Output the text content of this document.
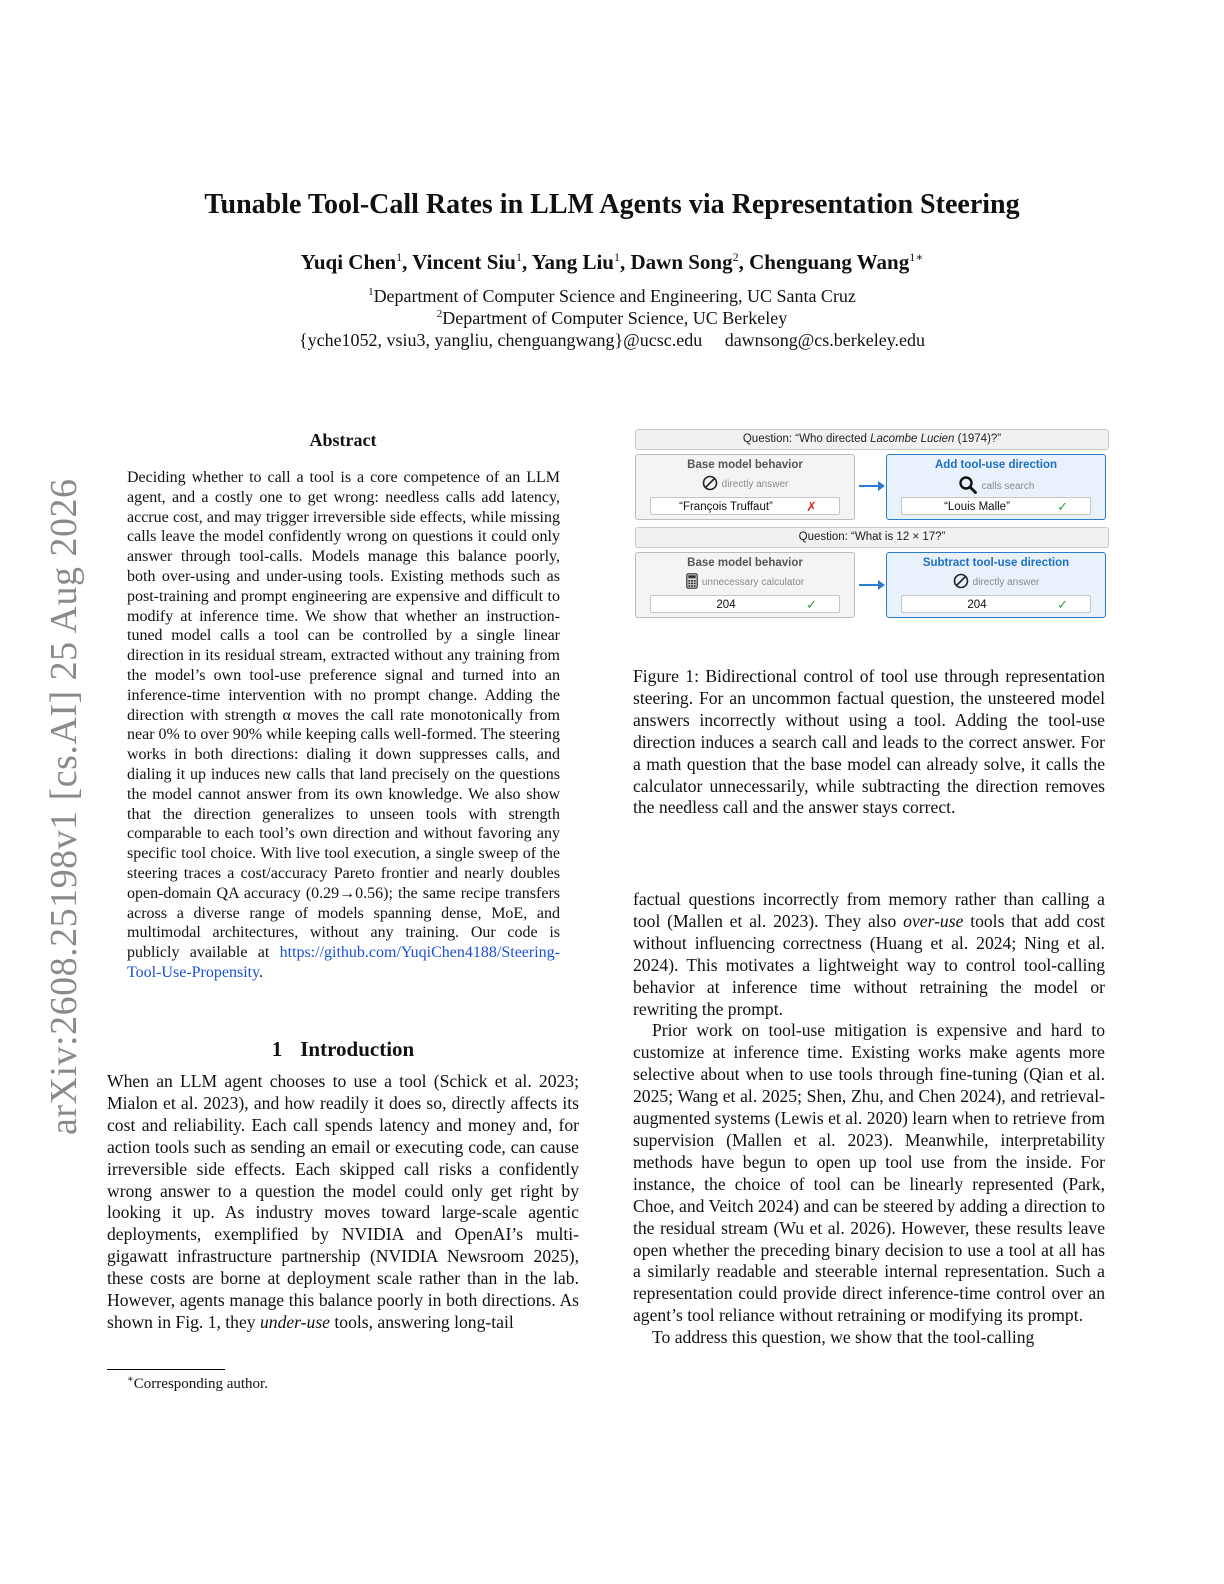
arXiv:2608.25198v1 [cs.AI] 25 Aug 2026
Tunable Tool-Call Rates in LLM Agents via Representation Steering
Yuqi Chen$^1$, Vincent Siu$^1$, Yang Liu$^1$, Dawn Song$^2$, Chenguang Wang$^{1∗}$
$^1$Department of Computer Science and Engineering, UC Santa Cruz
$^2$Department of Computer Science, UC Berkeley
{yche1052, vsiu3, yangliu, chenguangwang}@ucsc.edu     dawnsong@cs.berkeley.edu
Abstract
Deciding whether to call a tool is a core competence of an LLM agent, and a costly one to get wrong: needless calls add latency, accrue cost, and may trigger irreversible side effects, while missing calls leave the model confidently wrong on questions it could only answer through tool-calls. Models manage this balance poorly, both over-using and under-using tools. Existing methods such as post-training and prompt engineering are expensive and difficult to modify at inference time. We show that whether an instruction-tuned model calls a tool can be controlled by a single linear direction in its residual stream, extracted without any training from the model’s own tool-use preference signal and turned into an inference-time intervention with no prompt change. Adding the direction with strength α moves the call rate monotonically from near 0% to over 90% while keeping calls well-formed. The steering works in both directions: dialing it down suppresses calls, and dialing it up induces new calls that land precisely on the questions the model cannot answer from its own knowledge. We also show that the direction generalizes to unseen tools with strength comparable to each tool’s own direction and without favoring any specific tool choice. With live tool execution, a single sweep of the steering traces a cost/accuracy Pareto frontier and nearly doubles open-domain QA accuracy (0.29→0.56); the same recipe transfers across a diverse range of models spanning dense, MoE, and multimodal architectures, without any training. Our code is publicly available at https://github.com/YuqiChen4188/Steering-Tool-Use-Propensity.
1 Introduction

When an LLM agent chooses to use a tool (Schick et al. 2023; Mialon et al. 2023), and how readily it does so, directly affects its cost and reliability. Each call spends latency and money and, for action tools such as sending an email or executing code, can cause irreversible side effects. Each skipped call risks a confidently wrong answer to a question the model could only get right by looking it up. As industry moves toward large-scale agentic deployments, exemplified by NVIDIA and OpenAI’s multi-gigawatt infrastructure partnership (NVIDIA Newsroom 2025), these costs are borne at deployment scale rather than in the lab. However, agents manage this balance poorly in both directions. As shown in Fig. 1, they under-use tools, answering long-tail

∗Corresponding author.
Question: “Who directed Lacombe Lucien (1974)?”
Base model behavior
directly answer
“François Truffaut”	✗
Add tool-use direction
calls search
“Louis Malle”	✓
Question: “What is 12 × 17?”
Base model behavior
unnecessary calculator
204	✓
Subtract tool-use direction
directly answer
204	✓
Figure 1: Bidirectional control of tool use through representation steering. For an uncommon factual question, the unsteered model answers incorrectly without using a tool. Adding the tool-use direction induces a search call and leads to the correct answer. For a math question that the base model can already solve, it calls the calculator unnecessarily, while subtracting the direction removes the needless call and the answer stays correct.

factual questions incorrectly from memory rather than calling a tool (Mallen et al. 2023). They also over-use tools that add cost without influencing correctness (Huang et al. 2024; Ning et al. 2024). This motivates a lightweight way to control tool-calling behavior at inference time without retraining the model or rewriting the prompt.

Prior work on tool-use mitigation is expensive and hard to customize at inference time. Existing works make agents more selective about when to use tools through fine-tuning (Qian et al. 2025; Wang et al. 2025; Shen, Zhu, and Chen 2024), and retrieval-augmented systems (Lewis et al. 2020) learn when to retrieve from supervision (Mallen et al. 2023). Meanwhile, interpretability methods have begun to open up tool use from the inside. For instance, the choice of tool can be linearly represented (Park, Choe, and Veitch 2024) and can be steered by adding a direction to the residual stream (Wu et al. 2026). However, these results leave open whether the preceding binary decision to use a tool at all has a similarly readable and steerable internal representation. Such a representation could provide direct inference-time control over an agent’s tool reliance without retraining or modifying its prompt.

To address this question, we show that the tool-calling
